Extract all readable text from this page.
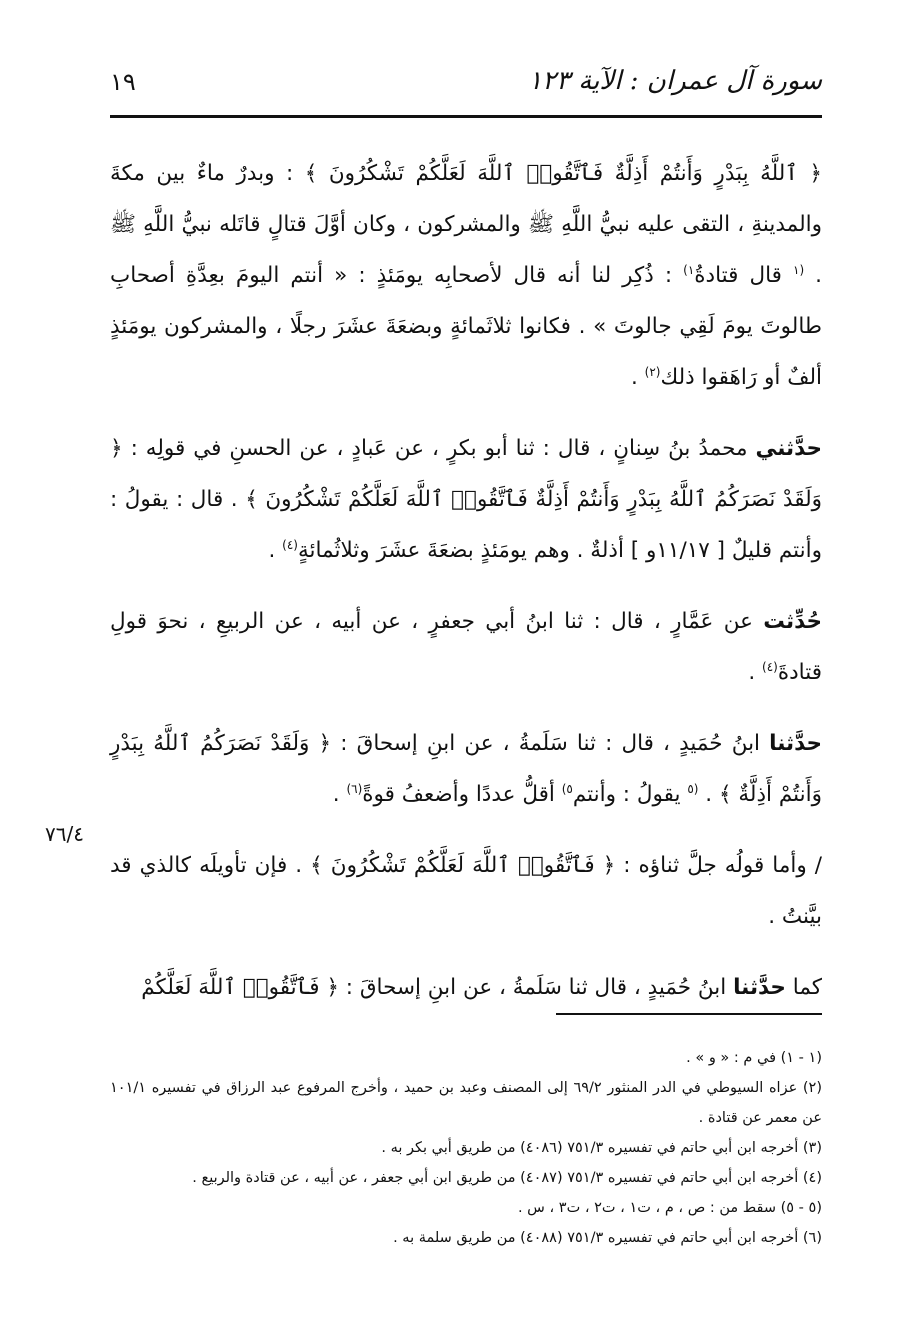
١٩	سورة آل عمران : الآية ١٢٣

﴿ ٱللَّهُ بِبَدْرٍ وَأَنتُمْ أَذِلَّةٌ فَٱتَّقُوا۟ ٱللَّهَ لَعَلَّكُمْ تَشْكُرُونَ ﴾ : وبدرٌ ماءٌ بين مكةَ والمدينةِ ، التقى عليه نبيُّ اللَّهِ ﷺ والمشركون ، وكان أوَّلَ قتالٍ قاتَله نبيُّ اللَّهِ ﷺ . $^{(١}$ قال قتادةُ$^{١)}$ : ذُكِر لنا أنه قال لأصحابِه يومَئذٍ : « أنتم اليومَ بعِدَّةِ أصحابِ طالوتَ يومَ لَقِي جالوتَ » . فكانوا ثلاثَمائةٍ وبضعَةَ عشَرَ رجلًا ، والمشركون يومَئذٍ ألفٌ أو رَاهَقوا ذلك$^{(٢)}$ .

حدَّثني محمدُ بنُ سِنانٍ ، قال : ثنا أبو بكرٍ ، عن عَبادٍ ، عن الحسنِ في قولِه : ﴿ وَلَقَدْ نَصَرَكُمُ ٱللَّهُ بِبَدْرٍ وَأَنتُمْ أَذِلَّةٌ فَٱتَّقُوا۟ ٱللَّهَ لَعَلَّكُمْ تَشْكُرُونَ ﴾ . قال : يقولُ : وأنتم قليلٌ [ ١١/١٧و ] أذلةٌ . وهم يومَئذٍ بضعَةَ عشَرَ وثلاثُمائةٍ$^{(٤)}$ .

حُدِّثت عن عَمَّارٍ ، قال : ثنا ابنُ أبي جعفرٍ ، عن أبيه ، عن الربيعِ ، نحوَ قولِ قتادةَ$^{(٤)}$ .

حدَّثنا ابنُ حُمَيدٍ ، قال : ثنا سَلَمةُ ، عن ابنِ إسحاقَ : ﴿ وَلَقَدْ نَصَرَكُمُ ٱللَّهُ بِبَدْرٍ وَأَنتُمْ أَذِلَّةٌ ﴾ . $^{(٥}$ يقولُ : وأنتم$^{٥)}$ أقلُّ عددًا وأضعفُ قوةً$^{(٦)}$ .

/ وأما قولُه جلَّ ثناؤه : ﴿ فَٱتَّقُوا۟ ٱللَّهَ لَعَلَّكُمْ تَشْكُرُونَ ﴾ . فإن تأويلَه كالذي قد بيَّنتُ .

كما حدَّثنا ابنُ حُمَيدٍ ، قال ثنا سَلَمةُ ، عن ابنِ إسحاقَ : ﴿ فَٱتَّقُوا۟ ٱللَّهَ لَعَلَّكُمْ

٧٦/٤

(١ - ١) في م : « و » .

(٢) عزاه السيوطي في الدر المنثور ٦٩/٢ إلى المصنف وعبد بن حميد ، وأخرج المرفوع عبد الرزاق في تفسيره ١٠١/١ عن معمر عن قتادة .

(٣) أخرجه ابن أبي حاتم في تفسيره ٧٥١/٣ (٤٠٨٦) من طريق أبي بكر به .

(٤) أخرجه ابن أبي حاتم في تفسيره ٧٥١/٣ (٤٠٨٧) من طريق ابن أبي جعفر ، عن أبيه ، عن قتادة والربيع .

(٥ - ٥) سقط من : ص ، م ، ت١ ، ت٢ ، ت٣ ، س .

(٦) أخرجه ابن أبي حاتم في تفسيره ٧٥١/٣ (٤٠٨٨) من طريق سلمة به .
